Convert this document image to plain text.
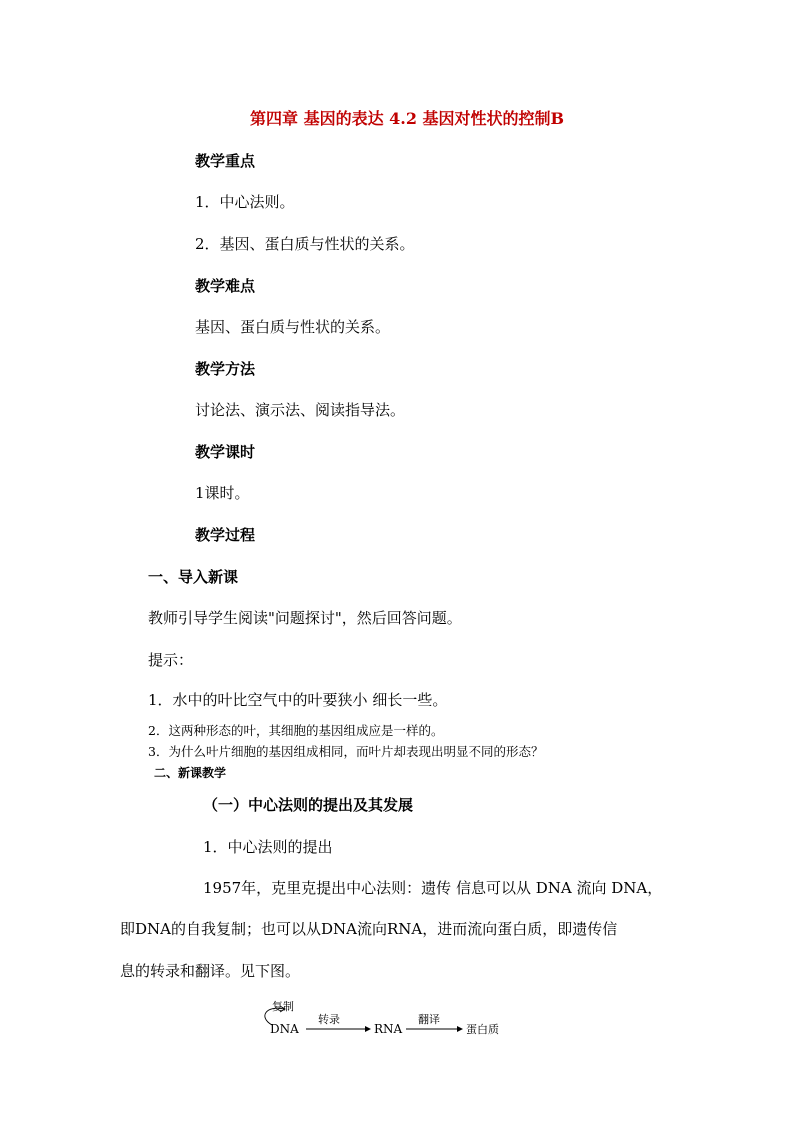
第四章 基因的表达 4.2 基因对性状的控制B
教学重点
1．中心法则。
2．基因、蛋白质与性状的关系。
教学难点
基因、蛋白质与性状的关系。
教学方法
讨论法、演示法、阅读指导法。
教学课时
1课时。
教学过程
一、导入新课
教师引导学生阅读"问题探讨"，然后回答问题。
提示：
1．水中的叶比空气中的叶要狭小 细长一些。
2．这两种形态的叶，其细胞的基因组成应是一样的。
3．为什么叶片细胞的基因组成相同，而叶片却表现出明显不同的形态？
二、新课教学
（一）中心法则的提出及其发展
1．中心法则的提出
1957年，克里克提出中心法则：遗传 信息可以从 DNA 流向 DNA，
即DNA的自我复制；也可以从DNA流向RNA，进而流向蛋白质，即遗传信
息的转录和翻译。见下图。
复制
DNA
转录
RNA
翻译
蛋白质
